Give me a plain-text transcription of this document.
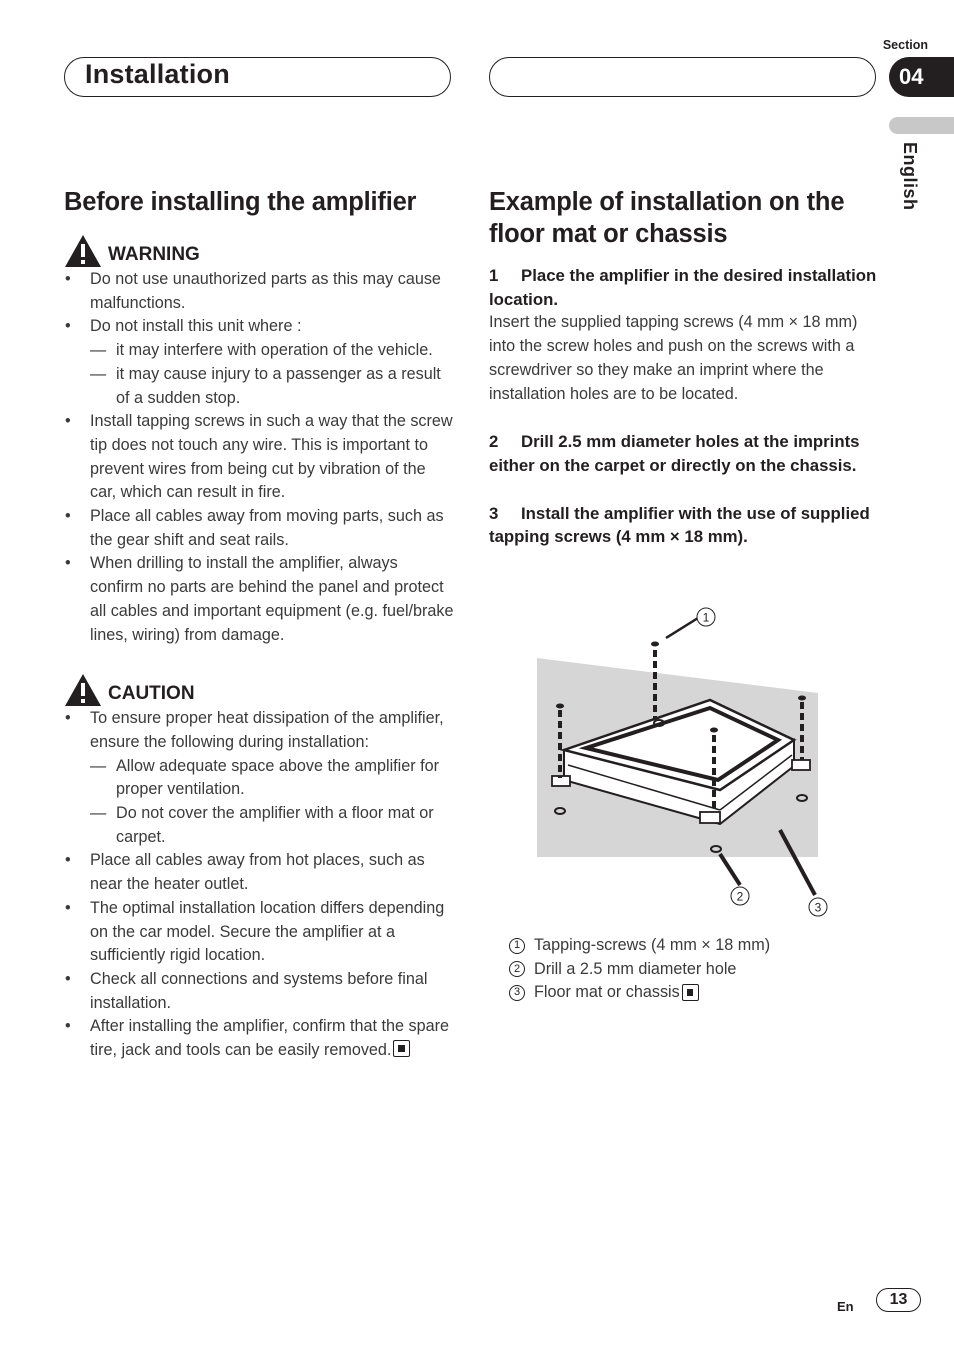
Installation
Section
04
English
Before installing the amplifier
WARNING
• Do not use unauthorized parts as this may cause malfunctions.
• Do not install this unit where :
— it may interfere with operation of the vehicle.
— it may cause injury to a passenger as a result of a sudden stop.
• Install tapping screws in such a way that the screw tip does not touch any wire. This is important to prevent wires from being cut by vibration of the car, which can result in fire.
• Place all cables away from moving parts, such as the gear shift and seat rails.
• When drilling to install the amplifier, always confirm no parts are behind the panel and protect all cables and important equipment (e.g. fuel/brake lines, wiring) from damage.
CAUTION
• To ensure proper heat dissipation of the amplifier, ensure the following during installation:
— Allow adequate space above the amplifier for proper ventilation.
— Do not cover the amplifier with a floor mat or carpet.
• Place all cables away from hot places, such as near the heater outlet.
• The optimal installation location differs depending on the car model. Secure the amplifier at a sufficiently rigid location.
• Check all connections and systems before final installation.
• After installing the amplifier, confirm that the spare tire, jack and tools can be easily removed.
Example of installation on the floor mat or chassis
1 Place the amplifier in the desired installation location.
Insert the supplied tapping screws (4 mm × 18 mm) into the screw holes and push on the screws with a screwdriver so they make an imprint where the installation holes are to be located.
2 Drill 2.5 mm diameter holes at the imprints either on the carpet or directly on the chassis.
3 Install the amplifier with the use of supplied tapping screws (4 mm × 18 mm).
1
2
3
1 Tapping-screws (4 mm × 18 mm)
2 Drill a 2.5 mm diameter hole
3 Floor mat or chassis
En	13
